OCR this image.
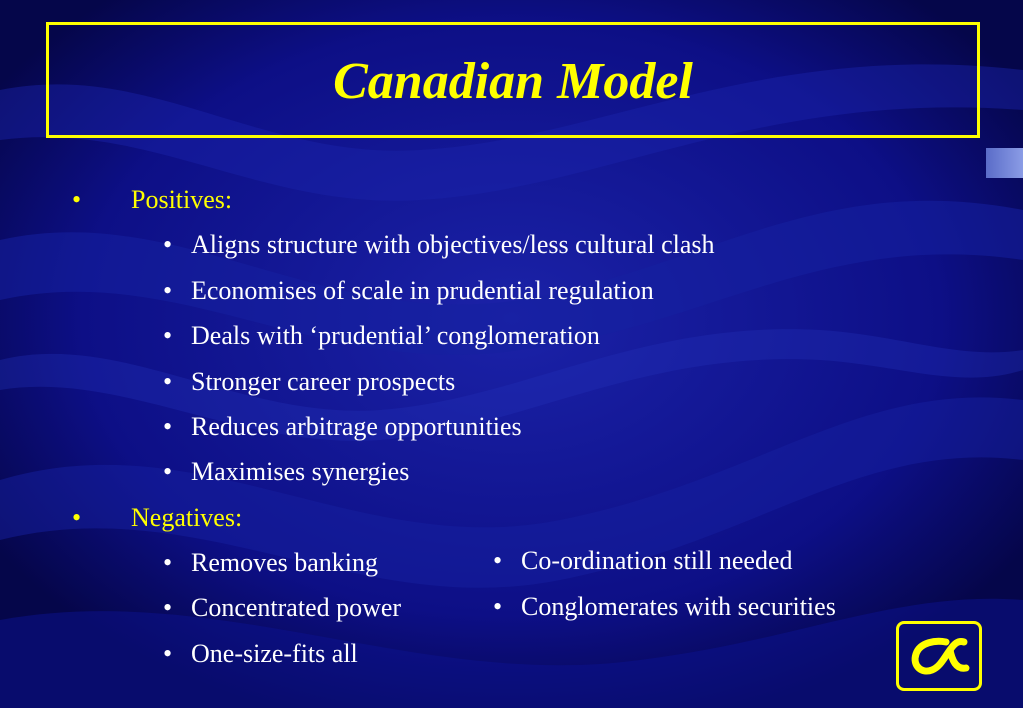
Canadian Model
• Positives:
• Aligns structure with objectives/less cultural clash
• Economises of scale in prudential regulation
• Deals with ‘prudential’ conglomeration
• Stronger career prospects
• Reduces arbitrage opportunities
• Maximises synergies
• Negatives:
• Removes banking
• Concentrated power
• One-size-fits all
• Co-ordination still needed
• Conglomerates with securities
